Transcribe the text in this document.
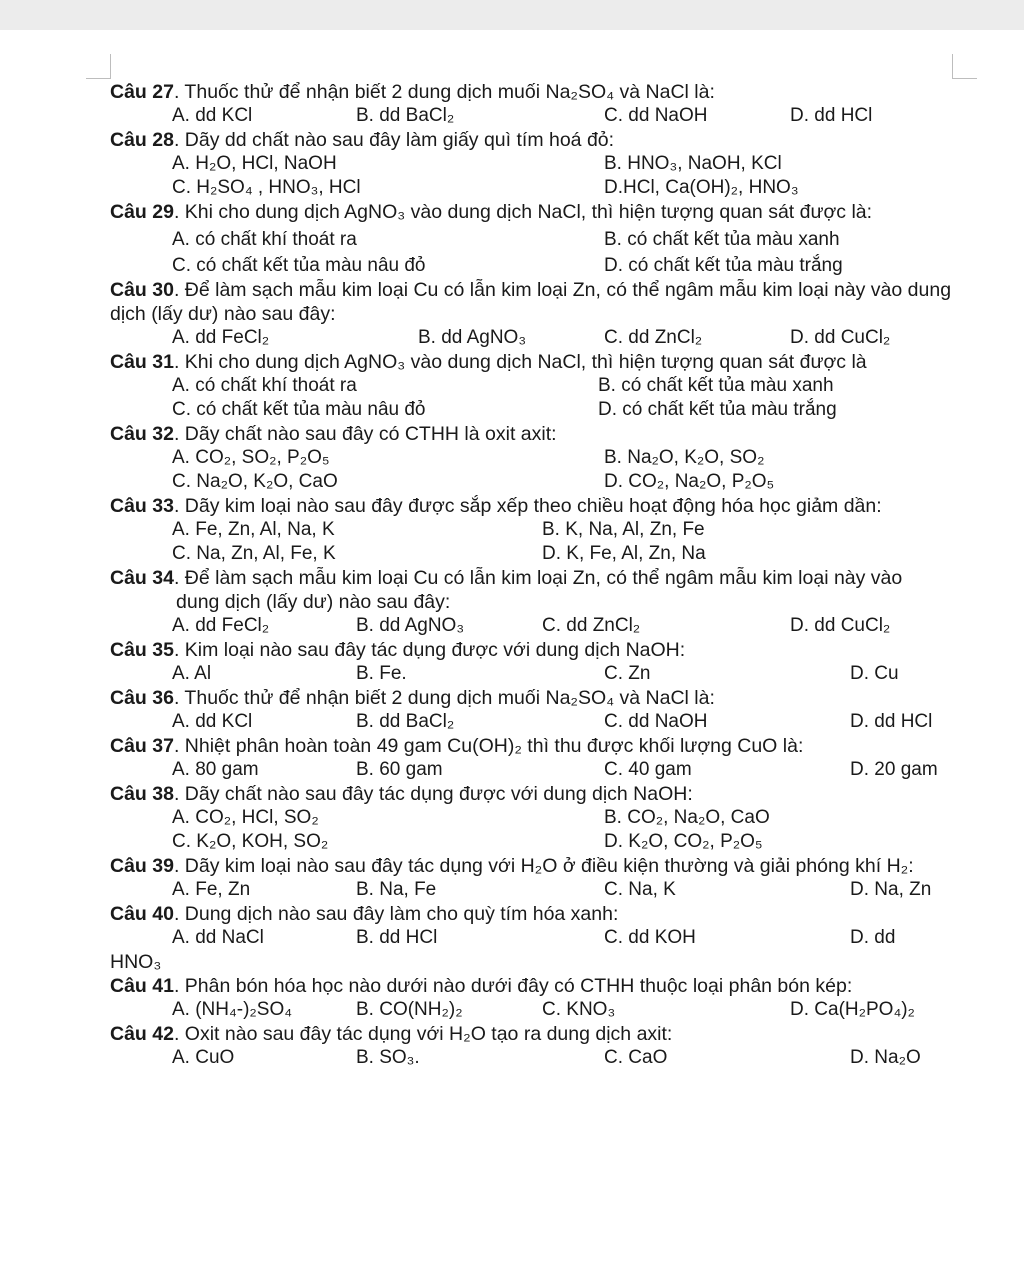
Câu 27. Thuốc thử để nhận biết 2 dung dịch muối Na₂SO₄ và NaCl là:
A. dd KCl	B. dd BaCl₂	C. dd NaOH	D. dd HCl
Câu 28. Dãy dd chất nào sau đây làm giấy quì tím hoá đỏ:
A. H₂O, HCl, NaOH	B. HNO₃, NaOH, KCl
C. H₂SO₄ , HNO₃, HCl	D.HCl, Ca(OH)₂, HNO₃
Câu 29. Khi cho dung dịch AgNO₃ vào dung dịch NaCl, thì hiện tượng quan sát được là:
A. có chất khí thoát ra	B. có chất kết tủa màu xanh
C. có chất kết tủa màu nâu đỏ	D. có chất kết tủa màu trắng
Câu 30. Để làm sạch mẫu kim loại Cu có lẫn kim loại Zn, có thể ngâm mẫu kim loại này vào dung dịch (lấy dư) nào sau đây:
A. dd FeCl₂	B. dd AgNO₃	C. dd ZnCl₂	D. dd CuCl₂
Câu 31. Khi cho dung dịch AgNO₃ vào dung dịch NaCl, thì hiện tượng quan sát được là
A. có chất khí thoát ra	B. có chất kết tủa màu xanh
C. có chất kết tủa màu nâu đỏ	D. có chất kết tủa màu trắng
Câu 32. Dãy chất nào sau đây có CTHH là oxit axit:
A. CO₂, SO₂, P₂O₅	B. Na₂O, K₂O, SO₂
C. Na₂O, K₂O, CaO	D. CO₂, Na₂O, P₂O₅
Câu 33. Dãy kim loại nào sau đây được sắp xếp theo chiều hoạt động hóa học giảm dần:
A. Fe, Zn, Al, Na, K	B. K, Na, Al, Zn, Fe
C. Na, Zn, Al, Fe, K	D. K, Fe, Al, Zn, Na
Câu 34. Để làm sạch mẫu kim loại Cu có lẫn kim loại Zn, có thể ngâm mẫu kim loại này vào
dung dịch (lấy dư) nào sau đây:
A. dd FeCl₂	B. dd AgNO₃	C. dd ZnCl₂	D. dd CuCl₂
Câu 35. Kim loại nào sau đây tác dụng được với dung dịch NaOH:
A. Al	B. Fe.	C. Zn	D. Cu
Câu 36. Thuốc thử để nhận biết 2 dung dịch muối Na₂SO₄ và NaCl là:
A. dd KCl	B. dd BaCl₂	C. dd NaOH	D. dd HCl
Câu 37. Nhiệt phân hoàn toàn 49 gam Cu(OH)₂ thì thu được khối lượng CuO là:
A. 80 gam	B. 60 gam	C. 40 gam	D. 20 gam
Câu 38. Dãy chất nào sau đây tác dụng được với dung dịch NaOH:
A. CO₂, HCl, SO₂	B. CO₂, Na₂O, CaO
C. K₂O, KOH, SO₂	D. K₂O, CO₂, P₂O₅
Câu 39. Dãy kim loại nào sau đây tác dụng với H₂O ở điều kiện thường và giải phóng khí H₂:
A. Fe, Zn	B. Na, Fe	C. Na, K	D. Na, Zn
Câu 40. Dung dịch nào sau đây làm cho quỳ tím hóa xanh:
A. dd NaCl	B. dd HCl	C. dd KOH	D. dd
HNO₃
Câu 41. Phân bón hóa học nào dưới nào dưới đây có CTHH thuộc loại phân bón kép:
A. (NH₄-)₂SO₄	B. CO(NH₂)₂	C. KNO₃	D. Ca(H₂PO₄)₂
Câu 42. Oxit nào sau đây tác dụng với H₂O tạo ra dung dịch axit:
A. CuO	B. SO₃.	C. CaO	D. Na₂O
